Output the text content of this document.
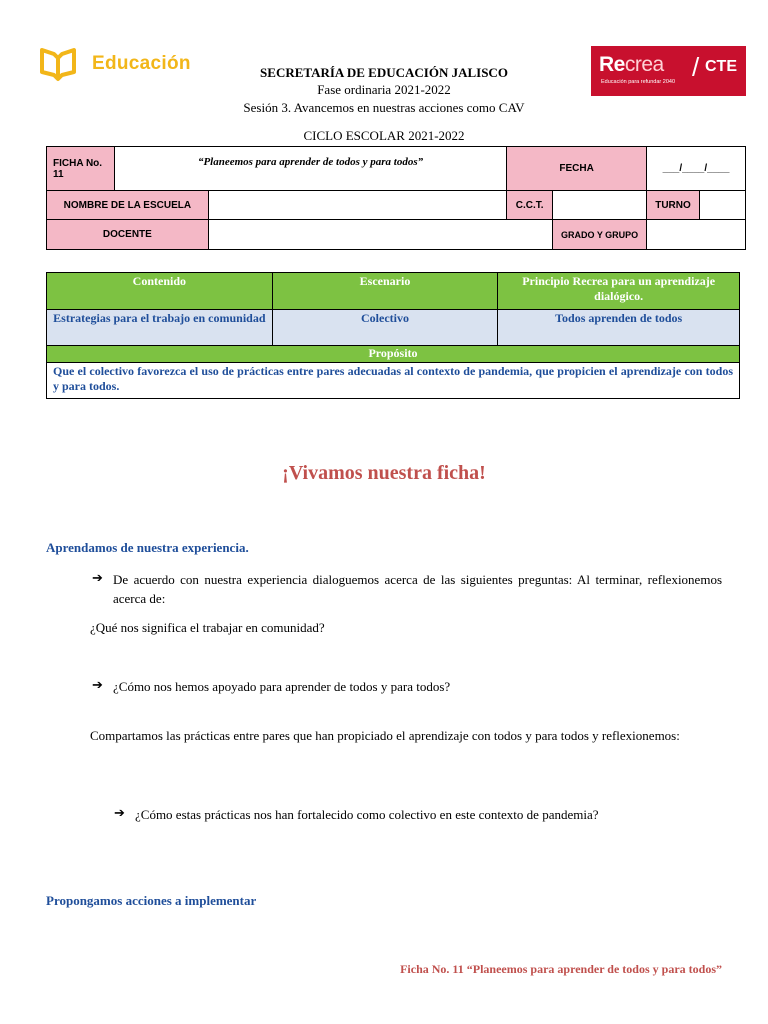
Educación	Recrea
Educación para refundar 2040 / CTE
SECRETARÍA DE EDUCACIÓN JALISCO
Fase ordinaria 2021-2022
Sesión 3. Avancemos en nuestras acciones como CAV
CICLO ESCOLAR 2021-2022
FICHA No. 11	“Planeemos para aprender de todos y para todos”		FECHA		___/____/____	
NOMBRE DE LA ESCUELA			C.C.T.		TURNO	
DOCENTE				GRADO Y GRUPO		
Contenido	Escenario	Principio Recrea para un aprendizaje dialógico.
Estrategias para el trabajo en comunidad	Colectivo	Todos aprenden de todos
Propósito		
Que el colectivo favorezca el uso de prácticas entre pares adecuadas al contexto de pandemia, que propicien el aprendizaje con todos y para todos.		
¡Vivamos nuestra ficha!
Aprendamos de nuestra experiencia.
➔ De acuerdo con nuestra experiencia dialoguemos acerca de las siguientes preguntas: Al terminar, reflexionemos acerca de:
¿Qué nos significa el trabajar en comunidad?
➔ ¿Cómo nos hemos apoyado para aprender de todos y para todos?
Compartamos las prácticas entre pares que han propiciado el aprendizaje con todos y para todos y reflexionemos:
➔ ¿Cómo estas prácticas nos han fortalecido como colectivo en este contexto de pandemia?
Propongamos acciones a implementar
Ficha No. 11 “Planeemos para aprender de todos y para todos”
